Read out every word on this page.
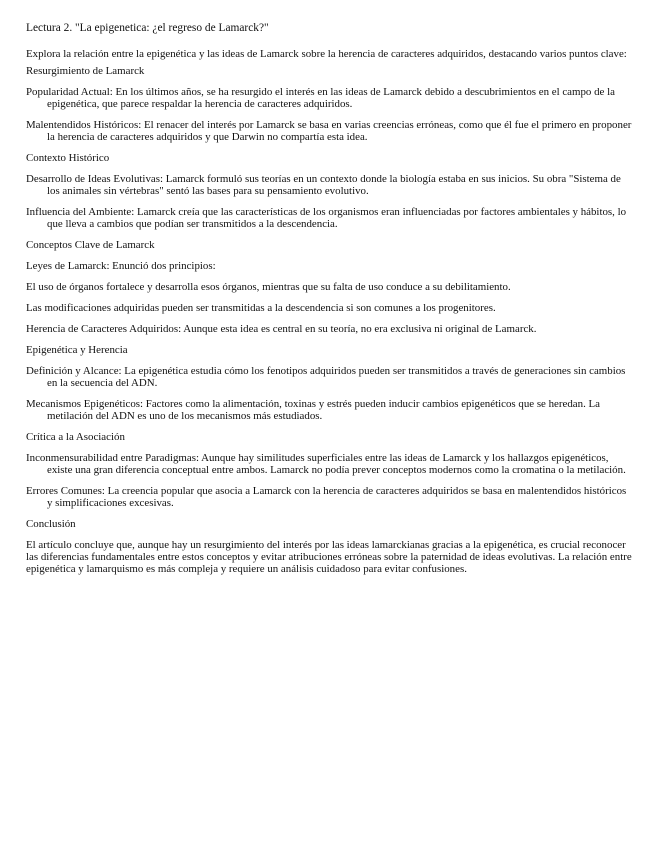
Lectura 2. "La epigenetica: ¿el regreso de Lamarck?"
Explora la relación entre la epigenética y las ideas de Lamarck sobre la herencia de caracteres adquiridos, destacando varios puntos clave:
Resurgimiento de Lamarck
Popularidad Actual: En los últimos años, se ha resurgido el interés en las ideas de Lamarck debido a descubrimientos en el campo de la epigenética, que parece respaldar la herencia de caracteres adquiridos.
Malentendidos Históricos: El renacer del interés por Lamarck se basa en varias creencias erróneas, como que él fue el primero en proponer la herencia de caracteres adquiridos y que Darwin no compartía esta idea.
Contexto Histórico
Desarrollo de Ideas Evolutivas: Lamarck formuló sus teorías en un contexto donde la biología estaba en sus inicios. Su obra "Sistema de los animales sin vértebras" sentó las bases para su pensamiento evolutivo.
Influencia del Ambiente: Lamarck creía que las características de los organismos eran influenciadas por factores ambientales y hábitos, lo que lleva a cambios que podían ser transmitidos a la descendencia.
Conceptos Clave de Lamarck
Leyes de Lamarck: Enunció dos principios:
El uso de órganos fortalece y desarrolla esos órganos, mientras que su falta de uso conduce a su debilitamiento.
Las modificaciones adquiridas pueden ser transmitidas a la descendencia si son comunes a los progenitores.
Herencia de Caracteres Adquiridos: Aunque esta idea es central en su teoría, no era exclusiva ni original de Lamarck.
Epigenética y Herencia
Definición y Alcance: La epigenética estudia cómo los fenotipos adquiridos pueden ser transmitidos a través de generaciones sin cambios en la secuencia del ADN.
Mecanismos Epigenéticos: Factores como la alimentación, toxinas y estrés pueden inducir cambios epigenéticos que se heredan. La metilación del ADN es uno de los mecanismos más estudiados.
Crítica a la Asociación
Inconmensurabilidad entre Paradigmas: Aunque hay similitudes superficiales entre las ideas de Lamarck y los hallazgos epigenéticos, existe una gran diferencia conceptual entre ambos. Lamarck no podía prever conceptos modernos como la cromatina o la metilación.
Errores Comunes: La creencia popular que asocia a Lamarck con la herencia de caracteres adquiridos se basa en malentendidos históricos y simplificaciones excesivas.
Conclusión
El artículo concluye que, aunque hay un resurgimiento del interés por las ideas lamarckianas gracias a la epigenética, es crucial reconocer las diferencias fundamentales entre estos conceptos y evitar atribuciones erróneas sobre la paternidad de ideas evolutivas. La relación entre epigenética y lamarquismo es más compleja y requiere un análisis cuidadoso para evitar confusiones.
